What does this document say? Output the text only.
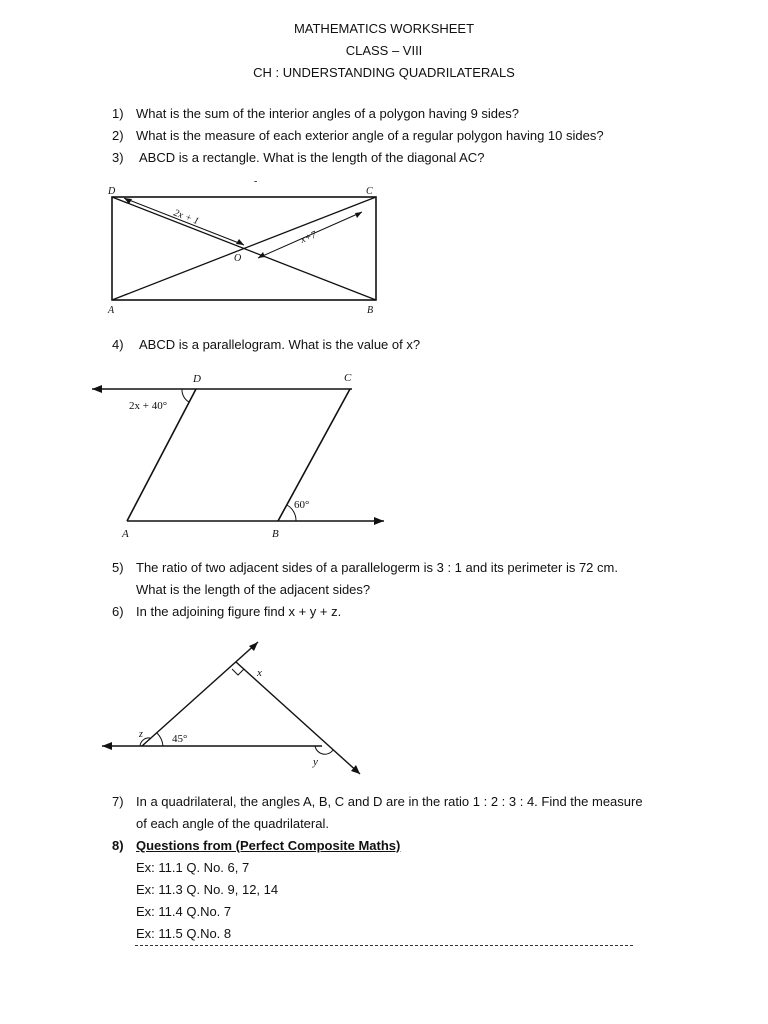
MATHEMATICS WORKSHEET
CLASS – VIII
CH : UNDERSTANDING QUADRILATERALS
1) What is the sum of the interior angles of a polygon having 9 sides?
2) What is the measure of each exterior angle of a regular polygon having 10 sides?
3) ABCD is a rectangle. What is the length of the diagonal AC?
D	C
A	B
O
2x + 1
x+7
-
4) ABCD is a parallelogram. What is the value of x?
D	C
A	B
2x + 40°
60°
5) The ratio of two adjacent sides of a parallelogerm is 3 : 1 and its perimeter is 72 cm.
What is the length of the adjacent sides?
6) In the adjoining figure find x + y + z.
x
y
z	45°
7) In a quadrilateral, the angles A, B, C and D are in the ratio 1 : 2 : 3 : 4. Find the measure
of each angle of the quadrilateral.
8) Questions from (Perfect Composite Maths)
Ex: 11.1 Q. No. 6, 7
Ex: 11.3 Q. No. 9, 12, 14
Ex: 11.4 Q.No. 7
Ex: 11.5 Q.No. 8
